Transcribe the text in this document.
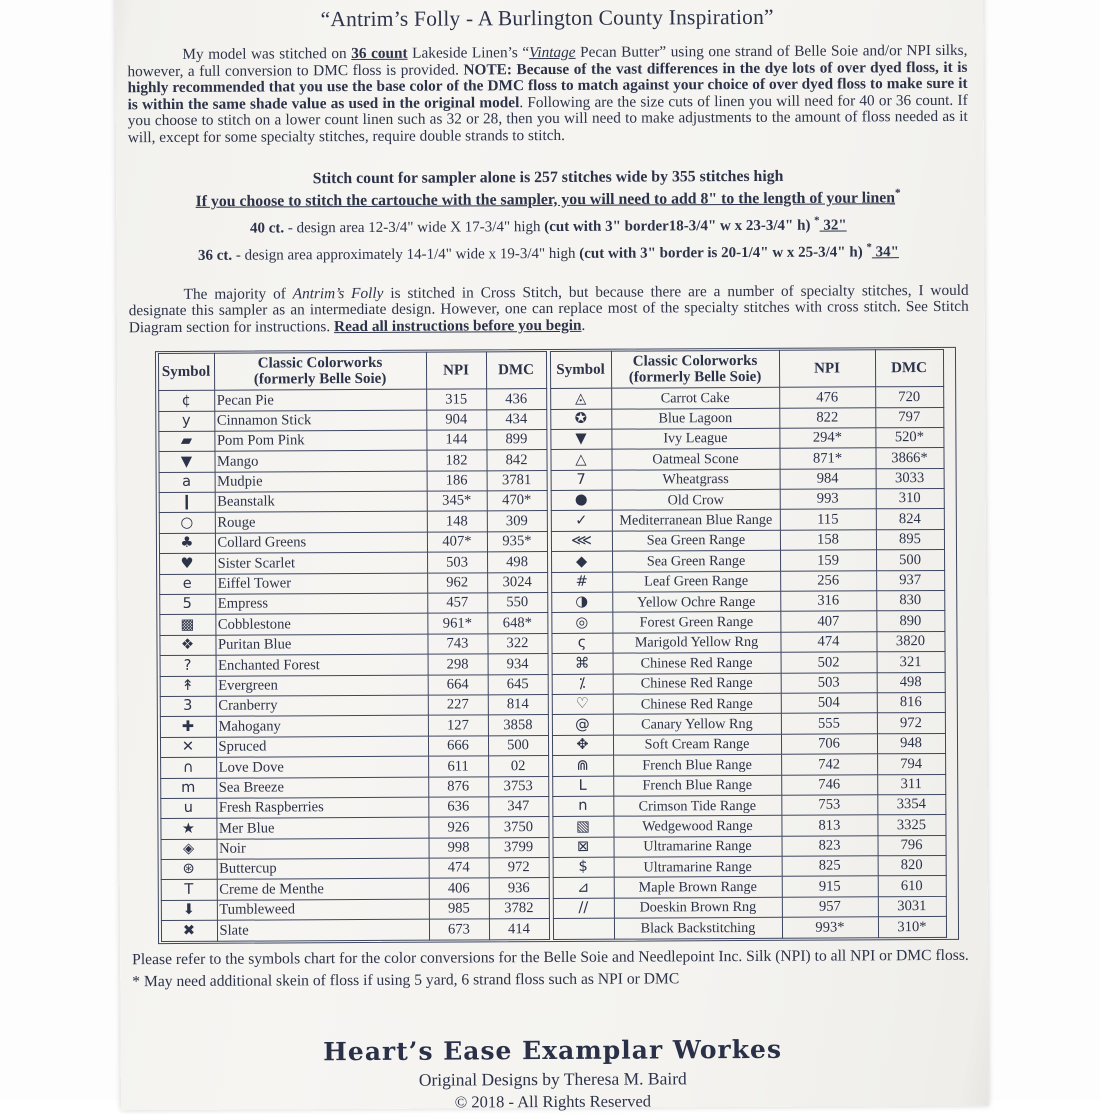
“Antrim’s Folly - A Burlington County Inspiration”

My model was stitched on 36 count Lakeside Linen’s “Vintage Pecan Butter” using one strand of Belle Soie and/or NPI silks, however, a full conversion to DMC floss is provided. NOTE: Because of the vast differences in the dye lots of over dyed floss, it is highly recommended that you use the base color of the DMC floss to match against your choice of over dyed floss to make sure it is within the same shade value as used in the original model. Following are the size cuts of linen you will need for 40 or 36 count. If you choose to stitch on a lower count linen such as 32 or 28, then you will need to make adjustments to the amount of floss needed as it will, except for some specialty stitches, require double strands to stitch.

Stitch count for sampler alone is 257 stitches wide by 355 stitches high

If you choose to stitch the cartouche with the sampler, you will need to add 8" to the length of your linen*

40 ct. - design area 12-3/4" wide X 17-3/4" high (cut with 3" border18-3/4" w x 23-3/4" h) * 32"

36 ct. - design area approximately 14-1/4" wide x 19-3/4" high (cut with 3" border is 20-1/4" w x 25-3/4" h) * 34"

The majority of Antrim’s Folly is stitched in Cross Stitch, but because there are a number of specialty stitches, I would designate this sampler as an intermediate design. However, one can replace most of the specialty stitches with cross stitch. See Stitch Diagram section for instructions. Read all instructions before you begin.

Symbol	Classic Colorworks
(formerly Belle Soie)	NPI	DMC
¢	Pecan Pie	315	436
y	Cinnamon Stick	904	434
▰	Pom Pom Pink	144	899
▼	Mango	182	842
a	Mudpie	186	3781
❙	Beanstalk	345*	470*
○	Rouge	148	309
♣	Collard Greens	407*	935*
♥	Sister Scarlet	503	498
e	Eiffel Tower	962	3024
5	Empress	457	550
▩	Cobblestone	961*	648*
❖	Puritan Blue	743	322
?	Enchanted Forest	298	934
↟	Evergreen	664	645
3	Cranberry	227	814
✚	Mahogany	127	3858
✕	Spruced	666	500
∩	Love Dove	611	02
m	Sea Breeze	876	3753
u	Fresh Raspberries	636	347
★	Mer Blue	926	3750
◈	Noir	998	3799
⊛	Buttercup	474	972
T	Creme de Menthe	406	936
⬇	Tumbleweed	985	3782
✖	Slate	673	414
Symbol	Classic Colorworks
(formerly Belle Soie)	NPI	DMC
◬	Carrot Cake	476	720
✪	Blue Lagoon	822	797
▼	Ivy League	294*	520*
△	Oatmeal Scone	871*	3866*
7	Wheatgrass	984	3033
●	Old Crow	993	310
✓	Mediterranean Blue Range	115	824
⋘	Sea Green Range	158	895
◆	Sea Green Range	159	500
#	Leaf Green Range	256	937
◑	Yellow Ochre Range	316	830
◎	Forest Green Range	407	890
ς	Marigold Yellow Rng	474	3820
⌘	Chinese Red Range	502	321
⁒	Chinese Red Range	503	498
♡	Chinese Red Range	504	816
@	Canary Yellow Rng	555	972
✥	Soft Cream Range	706	948
⋒	French Blue Range	742	794
L	French Blue Range	746	311
n	Crimson Tide Range	753	3354
▧	Wedgewood Range	813	3325
⊠	Ultramarine Range	823	796
$	Ultramarine Range	825	820
⊿	Maple Brown Range	915	610
//	Doeskin Brown Rng	957	3031
	Black Backstitching	993*	310*

Please refer to the symbols chart for the color conversions for the Belle Soie and Needlepoint Inc. Silk (NPI) to all NPI or DMC floss.

* May need additional skein of floss if using 5 yard, 6 strand floss such as NPI or DMC

Heart’s Ease Examplar Workes
Original Designs by Theresa M. Baird
© 2018 - All Rights Reserved
